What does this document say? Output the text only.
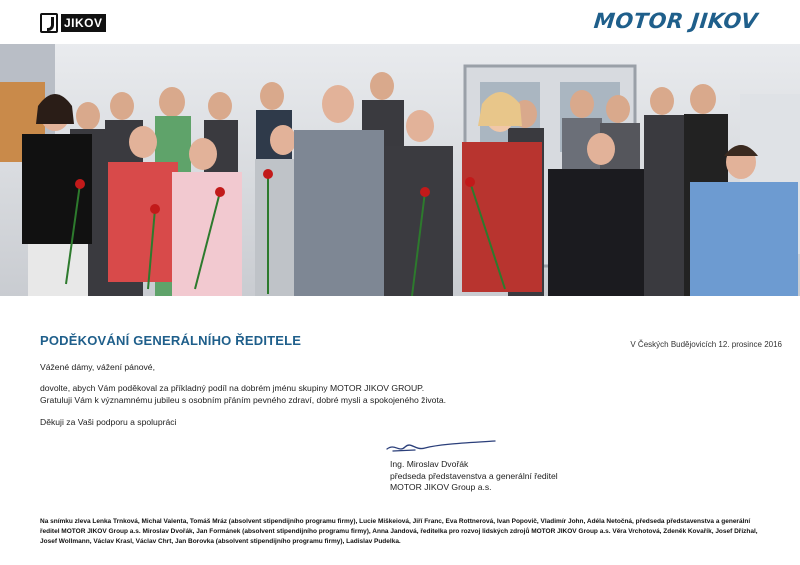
JIKOV	MOTOR JIKOV
PODĚKOVÁNÍ GENERÁLNÍHO ŘEDITELE	V Českých Budějovicích 12. prosince 2016

Vážené dámy, vážení pánové,

dovolte, abych Vám poděkoval za příkladný podíl na dobrém jménu skupiny MOTOR JIKOV GROUP.

Gratuluji Vám k významnému jubileu s osobním přáním pevného zdraví, dobré mysli a spokojeného života.

Děkuji za Vaši podporu a spolupráci

Ing. Miroslav Dvořák
předseda představenstva a generální ředitel
MOTOR JIKOV Group a.s.

Na snímku zleva Lenka Trnková, Michal Valenta, Tomáš Mráz (absolvent stipendijního programu firmy), Lucie Miškeiová, Jiří Franc, Eva Rottnerová, Ivan Popovič, Vladimír John, Adéla Netočná, předseda představenstva a generální ředitel MOTOR JIKOV Group a.s. Miroslav Dvořák, Jan Formánek (absolvent stipendijního programu firmy), Anna Jandová, ředitelka pro rozvoj lidských zdrojů MOTOR JIKOV Group a.s. Věra Vrchotová, Zdeněk Kovařík, Josef Dřízhal, Josef Wollmann, Václav Krasl, Václav Chrt, Jan Borovka (absolvent stipendijního programu firmy), Ladislav Pudelka.
